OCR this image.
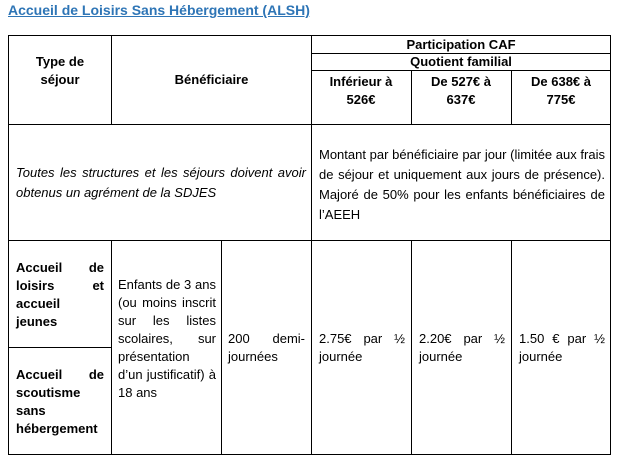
Accueil de Loisirs Sans Hébergement (ALSH)
Type de séjour	Bénéficiaire
Participation CAF
Quotient familial
Inférieur à 526€
De 527€ à 637€
De 638€ à 775€
Toutes les structures et les séjours doivent avoir obtenus un agrément de la SDJES
Montant par bénéficiaire par jour (limitée aux frais de séjour et uniquement aux jours de présence). Majoré de 50% pour les enfants bénéficiaires de l’AEEH
Accueil de loisirs et accueil jeunes
Accueil de scoutisme sans hébergement
Enfants de 3 ans (ou moins inscrit sur les listes scolaires, sur présentation d’un justificatif) à 18 ans
200 demi-journées
2.75€ par ½ journée
2.20€ par ½ journée
1.50 € par ½ journée
